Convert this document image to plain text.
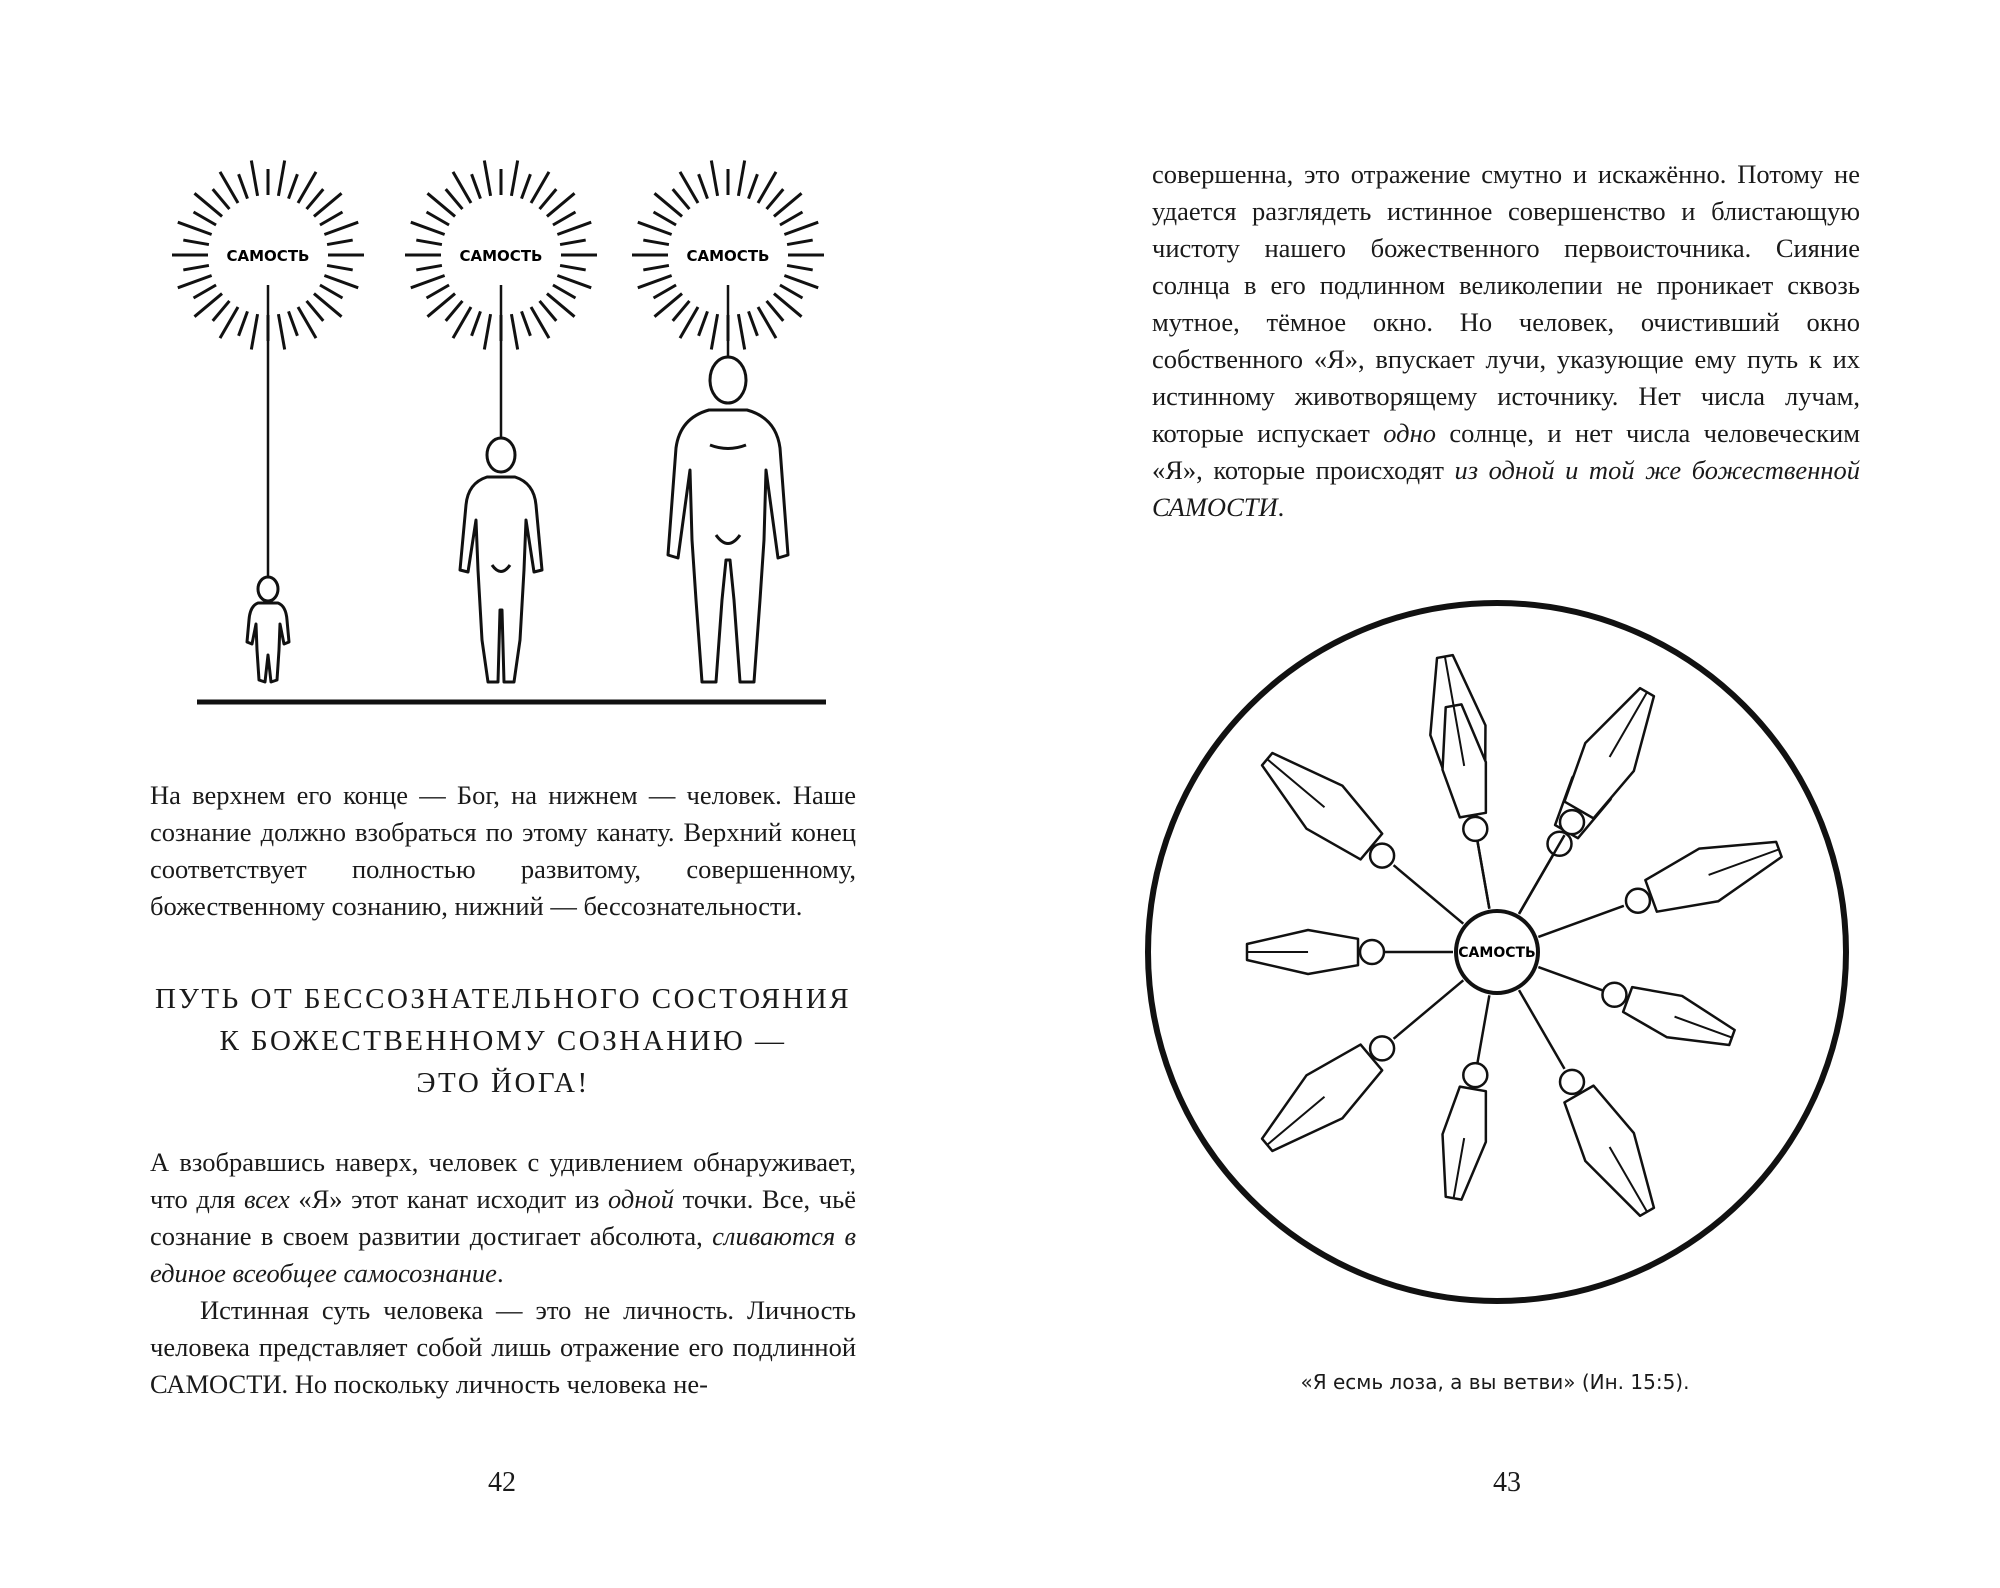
САМОСТЬ	САМОСТЬ	САМОСТЬ

На верхнем его конце — Бог, на нижнем — человек. Наше сознание должно взобраться по этому канату. Верхний конец соответствует полностью развитому, совершенному, божественному сознанию, нижний — бессознательности.

ПУТЬ ОТ БЕССОЗНАТЕЛЬНОГО СОСТОЯНИЯ
К БОЖЕСТВЕННОМУ СОЗНАНИЮ —
ЭТО ЙОГА!

А взобравшись наверх, человек с удивлением обнаруживает, что для всех «Я» этот канат исходит из одной точки. Все, чьё сознание в своем развитии достигает абсолюта, сливаются в единое всеобщее самосознание.

Истинная суть человека — это не личность. Личность человека представляет собой лишь отражение его подлинной САМОСТИ. Но поскольку личность человека не-

42

совершенна, это отражение смутно и искажённо. Потому не удается разглядеть истинное совершенство и блистающую чистоту нашего божественного первоисточника. Сияние солнца в его подлинном великолепии не проникает сквозь мутное, тёмное окно. Но человек, очистивший окно собственного «Я», впускает лучи, указующие ему путь к их истинному животворящему источнику. Нет числа лучам, которые испускает одно солнце, и нет числа человеческим «Я», которые происходят из одной и той же божественной САМОСТИ.

САМОСТЬ
«Я есмь лоза, а вы ветви» (Ин. 15:5).
43
